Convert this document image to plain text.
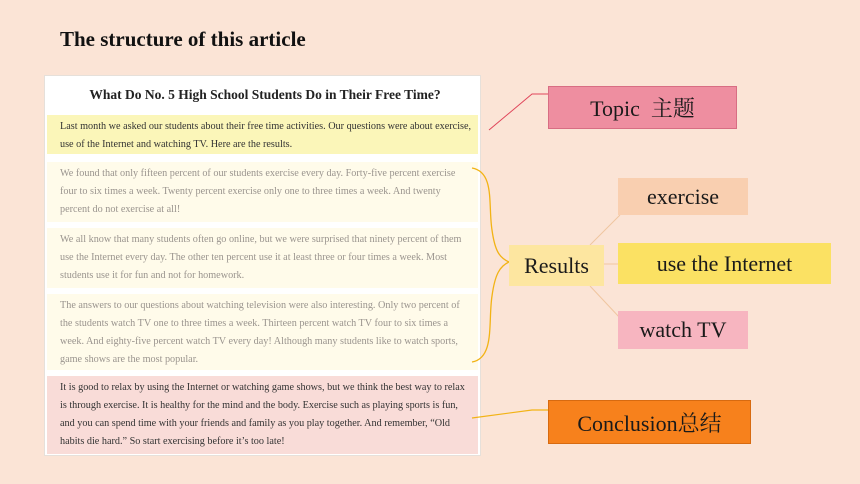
The structure of this article
What Do No. 5 High School Students Do in Their Free Time?
Last month we asked our students about their free time activities. Our questions were about exercise, use of the Internet and watching TV. Here are the results.
We found that only fifteen percent of our students exercise every day. Forty-five percent exercise four to six times a week. Twenty percent exercise only one to three times a week. And twenty percent do not exercise at all!
We all know that many students often go online, but we were surprised that ninety percent of them use the Internet every day. The other ten percent use it at least three or four times a week. Most students use it for fun and not for homework.
The answers to our questions about watching television were also interesting. Only two percent of the students watch TV one to three times a week. Thirteen percent watch TV four to six times a week. And eighty-five percent watch TV every day! Although many students like to watch sports, game shows are the most popular.
It is good to relax by using the Internet or watching game shows, but we think the best way to relax is through exercise. It is healthy for the mind and the body. Exercise such as playing sports is fun, and you can spend time with your friends and family as you play together. And remember, “Old habits die hard.” So start exercising before it’s too late!
Topic  主题
Results
exercise
use the Internet
watch TV
Conclusion总结
